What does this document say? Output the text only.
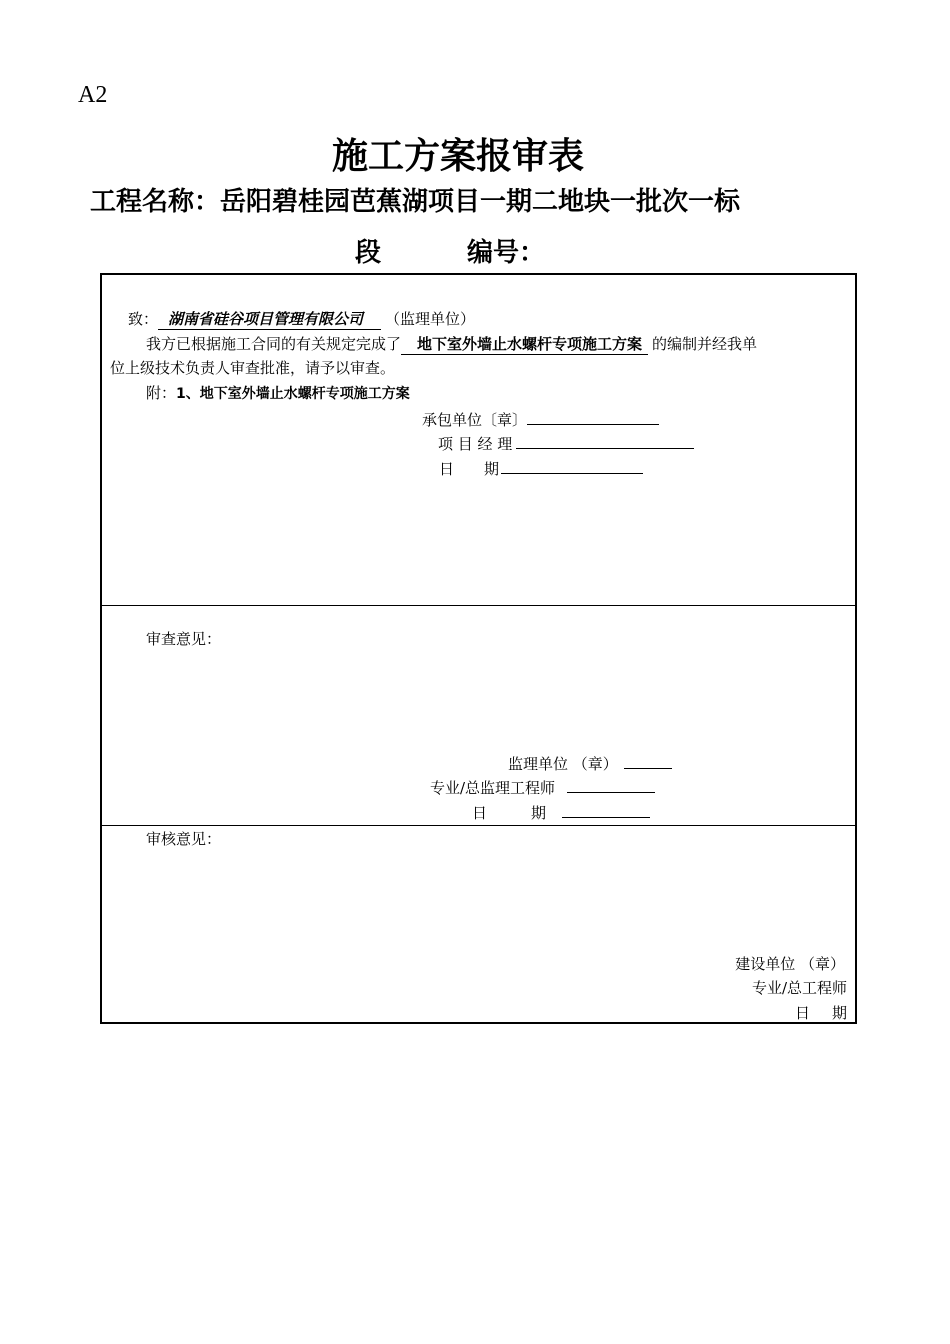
A2
施工方案报审表
工程名称：岳阳碧桂园芭蕉湖项目一期二地块一批次一标
段	编号：
致： 湖南省硅谷项目管理有限公司 （监理单位）
我方已根据施工合同的有关规定完成了 地下室外墙止水螺杆专项施工方案 的编制并经我单
位上级技术负责人审查批准，请予以审查。
附：1、地下室外墙止水螺杆专项施工方案
承包单位〔章〕
项 目 经 理
日 期
审查意见：
监理单位 （章）
专业/总监理工程师
日	期
审核意见：
建设单位 （章）
专业/总工程师
日 期
